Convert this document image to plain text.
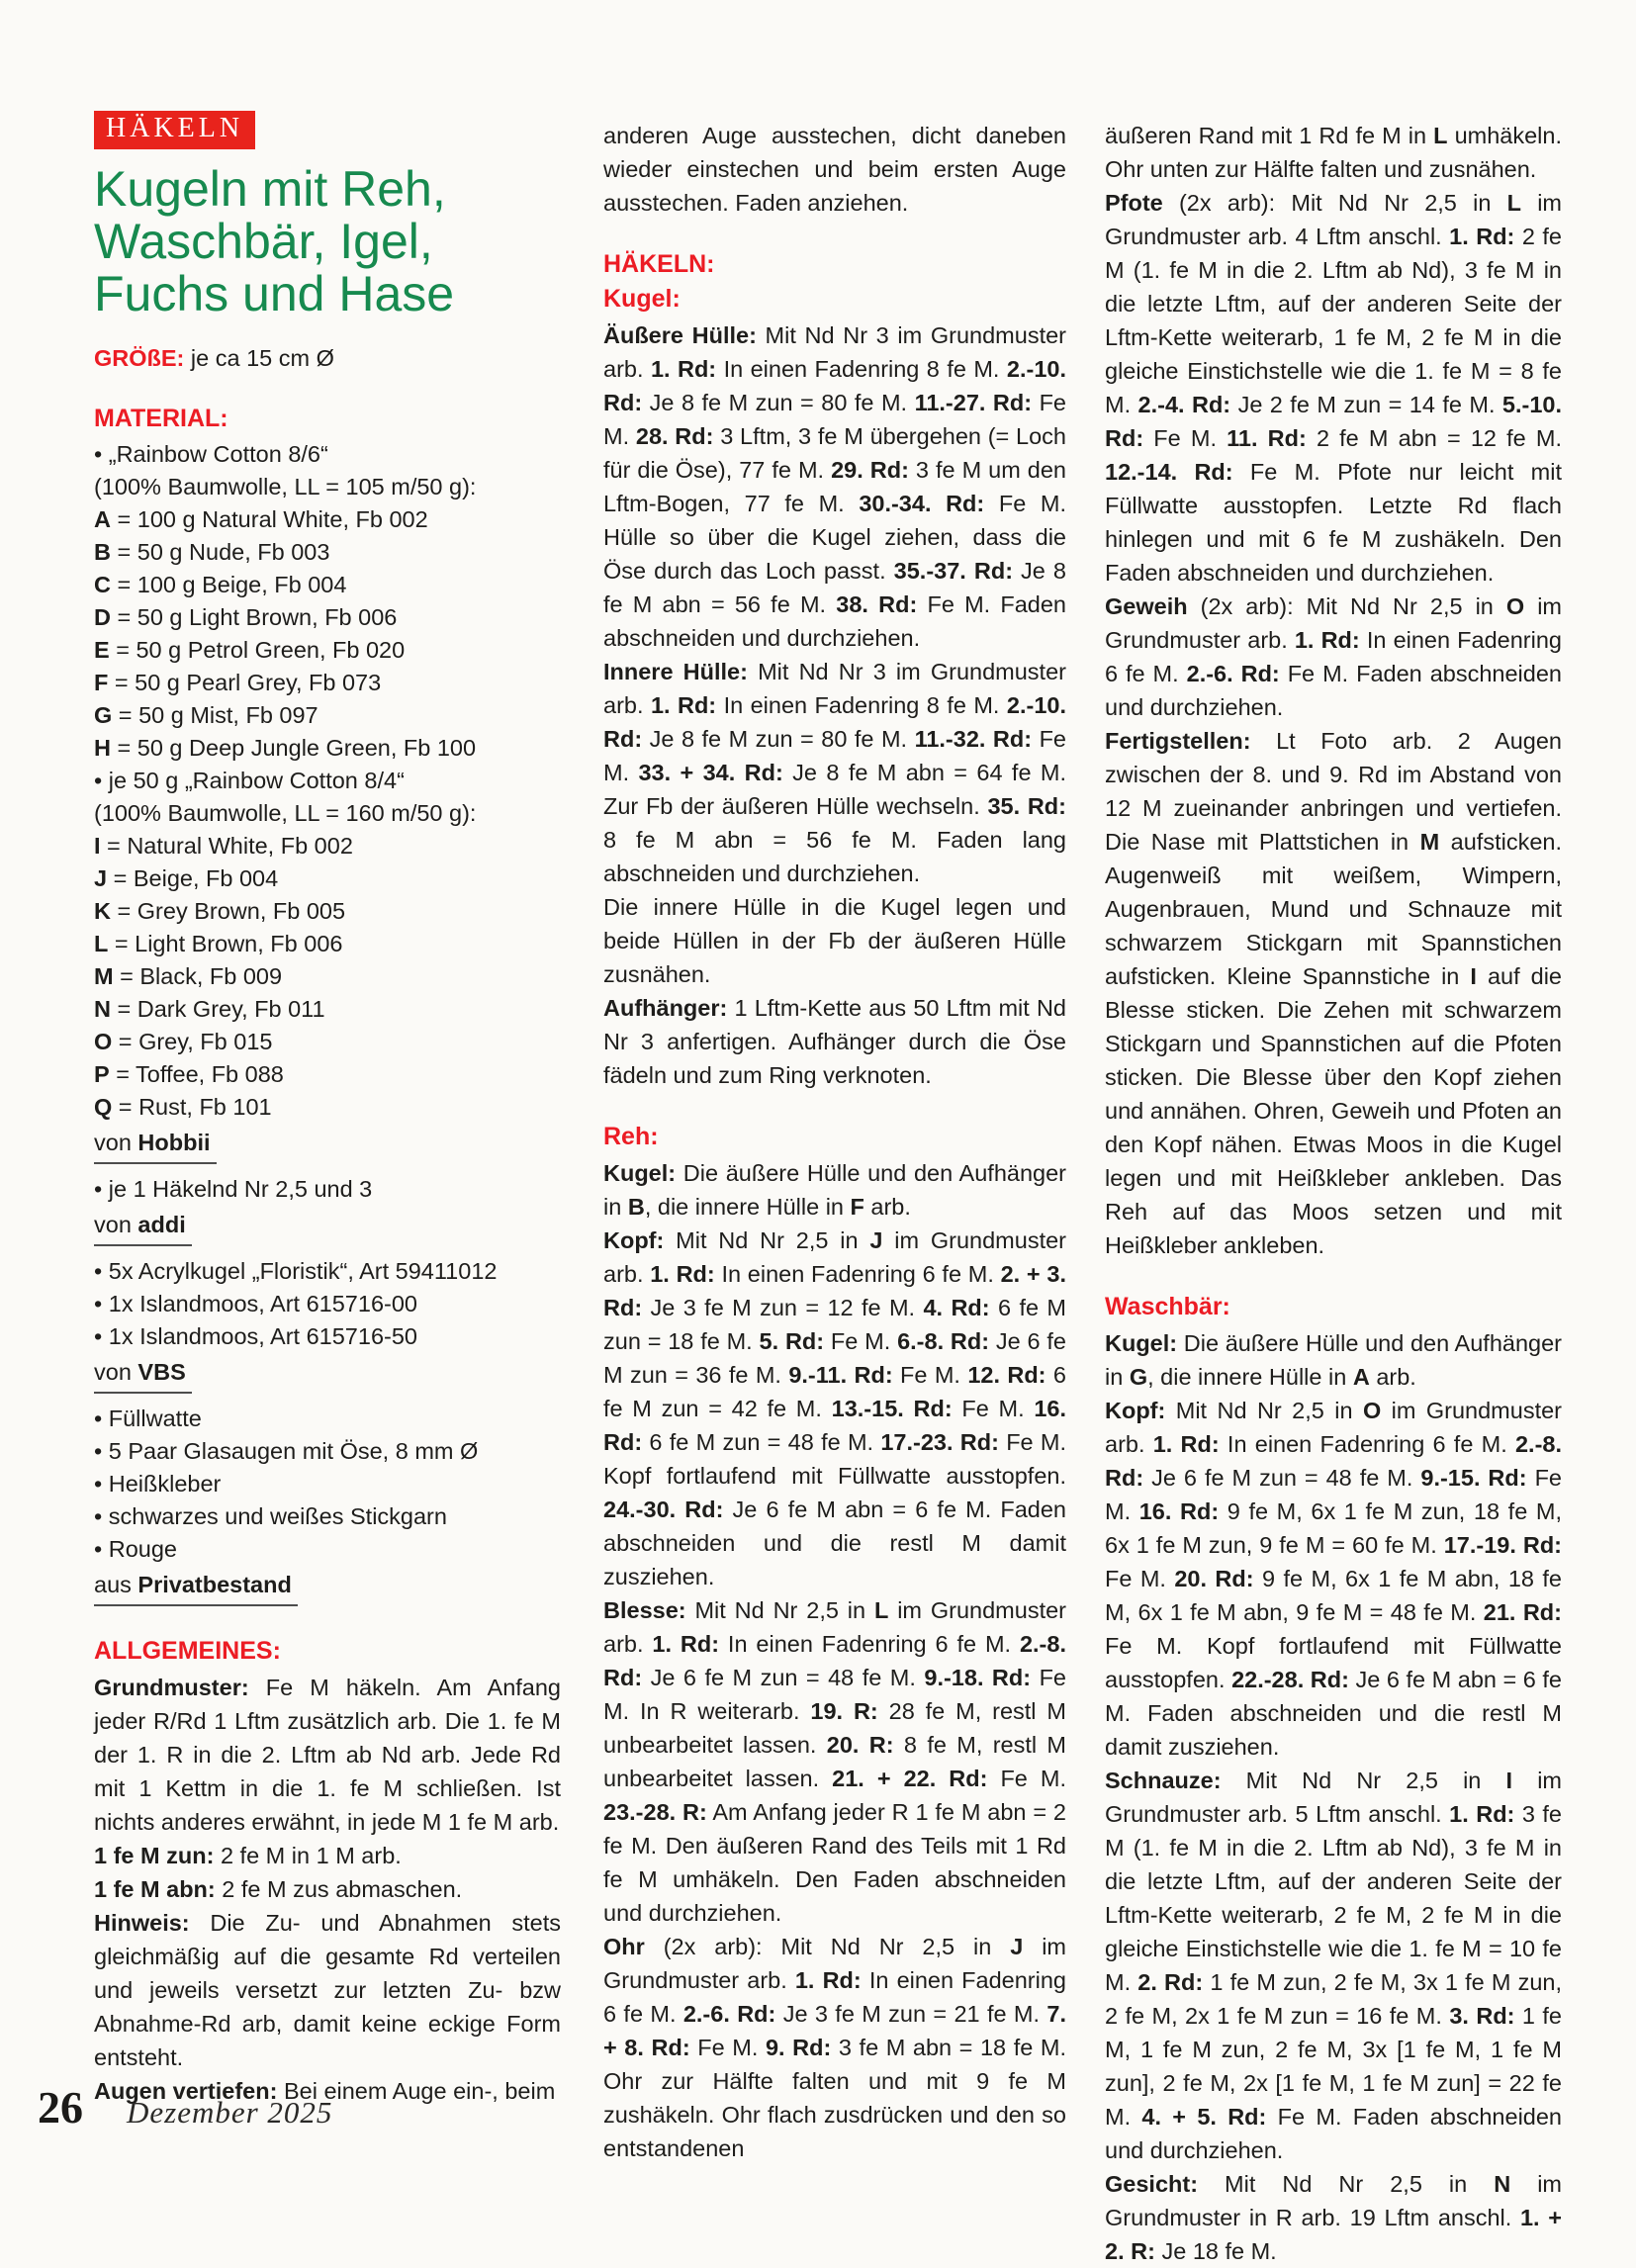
HÄKELN
Kugeln mit Reh,
Waschbär, Igel,
Fuchs und Hase

GRÖßE: je ca 15 cm Ø

MATERIAL:
• „Rainbow Cotton 8/6“
(100% Baumwolle, LL = 105 m/50 g):
A = 100 g Natural White, Fb 002
B = 50 g Nude, Fb 003
C = 100 g Beige, Fb 004
D = 50 g Light Brown, Fb 006
E = 50 g Petrol Green, Fb 020
F = 50 g Pearl Grey, Fb 073
G = 50 g Mist, Fb 097
H = 50 g Deep Jungle Green, Fb 100
• je 50 g „Rainbow Cotton 8/4“
(100% Baumwolle, LL = 160 m/50 g):
I = Natural White, Fb 002
J = Beige, Fb 004
K = Grey Brown, Fb 005
L = Light Brown, Fb 006
M = Black, Fb 009
N = Dark Grey, Fb 011
O = Grey, Fb 015
P = Toffee, Fb 088
Q = Rust, Fb 101
von Hobbii
• je 1 Häkelnd Nr 2,5 und 3
von addi
• 5x Acrylkugel „Floristik“, Art 59411012
• 1x Islandmoos, Art 615716-00
• 1x Islandmoos, Art 615716-50
von VBS
• Füllwatte
• 5 Paar Glasaugen mit Öse, 8 mm Ø
• Heißkleber
• schwarzes und weißes Stickgarn
• Rouge
aus Privatbestand
ALLGEMEINES:

Grundmuster: Fe M häkeln. Am Anfang jeder R/Rd 1 Lftm zusätzlich arb. Die 1. fe M der 1. R in die 2. Lftm ab Nd arb. Jede Rd mit 1 Kettm in die 1. fe M schließen. Ist nichts anderes erwähnt, in jede M 1 fe M arb.

1 fe M zun: 2 fe M in 1 M arb.

1 fe M abn: 2 fe M zus abmaschen.

Hinweis: Die Zu- und Abnahmen stets gleichmäßig auf die gesamte Rd verteilen und jeweils versetzt zur letzten Zu- bzw Abnahme-Rd arb, damit keine eckige Form entsteht.

Augen vertiefen: Bei einem Auge ein-, beim

anderen Auge ausstechen, dicht daneben wieder einstechen und beim ersten Auge ausstechen. Faden anziehen.

HÄKELN:
Kugel:

Äußere Hülle: Mit Nd Nr 3 im Grundmuster arb. 1. Rd: In einen Fadenring 8 fe M. 2.-10. Rd: Je 8 fe M zun = 80 fe M. 11.-27. Rd: Fe M. 28. Rd: 3 Lftm, 3 fe M übergehen (= Loch für die Öse), 77 fe M. 29. Rd: 3 fe M um den Lftm-Bogen, 77 fe M. 30.-34. Rd: Fe M. Hülle so über die Kugel ziehen, dass die Öse durch das Loch passt. 35.-37. Rd: Je 8 fe M abn = 56 fe M. 38. Rd: Fe M. Faden abschneiden und durchziehen.

Innere Hülle: Mit Nd Nr 3 im Grundmuster arb. 1. Rd: In einen Fadenring 8 fe M. 2.-10. Rd: Je 8 fe M zun = 80 fe M. 11.-32. Rd: Fe M. 33. + 34. Rd: Je 8 fe M abn = 64 fe M. Zur Fb der äußeren Hülle wechseln. 35. Rd: 8 fe M abn = 56 fe M. Faden lang abschneiden und durchziehen.

Die innere Hülle in die Kugel legen und beide Hüllen in der Fb der äußeren Hülle zusnähen.

Aufhänger: 1 Lftm-Kette aus 50 Lftm mit Nd Nr 3 anfertigen. Aufhänger durch die Öse fädeln und zum Ring verknoten.

Reh:

Kugel: Die äußere Hülle und den Aufhänger in B, die innere Hülle in F arb.

Kopf: Mit Nd Nr 2,5 in J im Grundmuster arb. 1. Rd: In einen Fadenring 6 fe M. 2. + 3. Rd: Je 3 fe M zun = 12 fe M. 4. Rd: 6 fe M zun = 18 fe M. 5. Rd: Fe M. 6.-8. Rd: Je 6 fe M zun = 36 fe M. 9.-11. Rd: Fe M. 12. Rd: 6 fe M zun = 42 fe M. 13.-15. Rd: Fe M. 16. Rd: 6 fe M zun = 48 fe M. 17.-23. Rd: Fe M. Kopf fortlaufend mit Füllwatte ausstopfen. 24.-30. Rd: Je 6 fe M abn = 6 fe M. Faden abschneiden und die restl M damit zusziehen.

Blesse: Mit Nd Nr 2,5 in L im Grundmuster arb. 1. Rd: In einen Fadenring 6 fe M. 2.-8. Rd: Je 6 fe M zun = 48 fe M. 9.-18. Rd: Fe M. In R weiterarb. 19. R: 28 fe M, restl M unbearbeitet lassen. 20. R: 8 fe M, restl M unbearbeitet lassen. 21. + 22. Rd: Fe M. 23.-28. R: Am Anfang jeder R 1 fe M abn = 2 fe M. Den äußeren Rand des Teils mit 1 Rd fe M umhäkeln. Den Faden abschneiden und durchziehen.

Ohr (2x arb): Mit Nd Nr 2,5 in J im Grundmuster arb. 1. Rd: In einen Fadenring 6 fe M. 2.-6. Rd: Je 3 fe M zun = 21 fe M. 7. + 8. Rd: Fe M. 9. Rd: 3 fe M abn = 18 fe M. Ohr zur Hälfte falten und mit 9 fe M zushäkeln. Ohr flach zusdrücken und den so entstandenen

äußeren Rand mit 1 Rd fe M in L umhäkeln. Ohr unten zur Hälfte falten und zusnähen.

Pfote (2x arb): Mit Nd Nr 2,5 in L im Grundmuster arb. 4 Lftm anschl. 1. Rd: 2 fe M (1. fe M in die 2. Lftm ab Nd), 3 fe M in die letzte Lftm, auf der anderen Seite der Lftm-Kette weiterarb, 1 fe M, 2 fe M in die gleiche Einstichstelle wie die 1. fe M = 8 fe M. 2.-4. Rd: Je 2 fe M zun = 14 fe M. 5.-10. Rd: Fe M. 11. Rd: 2 fe M abn = 12 fe M. 12.-14. Rd: Fe M. Pfote nur leicht mit Füllwatte ausstopfen. Letzte Rd flach hinlegen und mit 6 fe M zushäkeln. Den Faden abschneiden und durchziehen.

Geweih (2x arb): Mit Nd Nr 2,5 in O im Grundmuster arb. 1. Rd: In einen Fadenring 6 fe M. 2.-6. Rd: Fe M. Faden abschneiden und durchziehen.

Fertigstellen: Lt Foto arb. 2 Augen zwischen der 8. und 9. Rd im Abstand von 12 M zueinander anbringen und vertiefen. Die Nase mit Plattstichen in M aufsticken. Augenweiß mit weißem, Wimpern, Augenbrauen, Mund und Schnauze mit schwarzem Stickgarn mit Spannstichen aufsticken. Kleine Spannstiche in I auf die Blesse sticken. Die Zehen mit schwarzem Stickgarn und Spannstichen auf die Pfoten sticken. Die Blesse über den Kopf ziehen und annähen. Ohren, Geweih und Pfoten an den Kopf nähen. Etwas Moos in die Kugel legen und mit Heißkleber ankleben. Das Reh auf das Moos setzen und mit Heißkleber ankleben.

Waschbär:

Kugel: Die äußere Hülle und den Aufhänger in G, die innere Hülle in A arb.

Kopf: Mit Nd Nr 2,5 in O im Grundmuster arb. 1. Rd: In einen Fadenring 6 fe M. 2.-8. Rd: Je 6 fe M zun = 48 fe M. 9.-15. Rd: Fe M. 16. Rd: 9 fe M, 6x 1 fe M zun, 18 fe M, 6x 1 fe M zun, 9 fe M = 60 fe M. 17.-19. Rd: Fe M. 20. Rd: 9 fe M, 6x 1 fe M abn, 18 fe M, 6x 1 fe M abn, 9 fe M = 48 fe M. 21. Rd: Fe M. Kopf fortlaufend mit Füllwatte ausstopfen. 22.-28. Rd: Je 6 fe M abn = 6 fe M. Faden abschneiden und die restl M damit zusziehen.

Schnauze: Mit Nd Nr 2,5 in I im Grundmuster arb. 5 Lftm anschl. 1. Rd: 3 fe M (1. fe M in die 2. Lftm ab Nd), 3 fe M in die letzte Lftm, auf der anderen Seite der Lftm-Kette weiterarb, 2 fe M, 2 fe M in die gleiche Einstichstelle wie die 1. fe M = 10 fe M. 2. Rd: 1 fe M zun, 2 fe M, 3x 1 fe M zun, 2 fe M, 2x 1 fe M zun = 16 fe M. 3. Rd: 1 fe M, 1 fe M zun, 2 fe M, 3x [1 fe M, 1 fe M zun], 2 fe M, 2x [1 fe M, 1 fe M zun] = 22 fe M. 4. + 5. Rd: Fe M. Faden abschneiden und durchziehen.

Gesicht: Mit Nd Nr 2,5 in N im Grundmuster in R arb. 19 Lftm anschl. 1. + 2. R: Je 18 fe M.

26 Dezember 2025
